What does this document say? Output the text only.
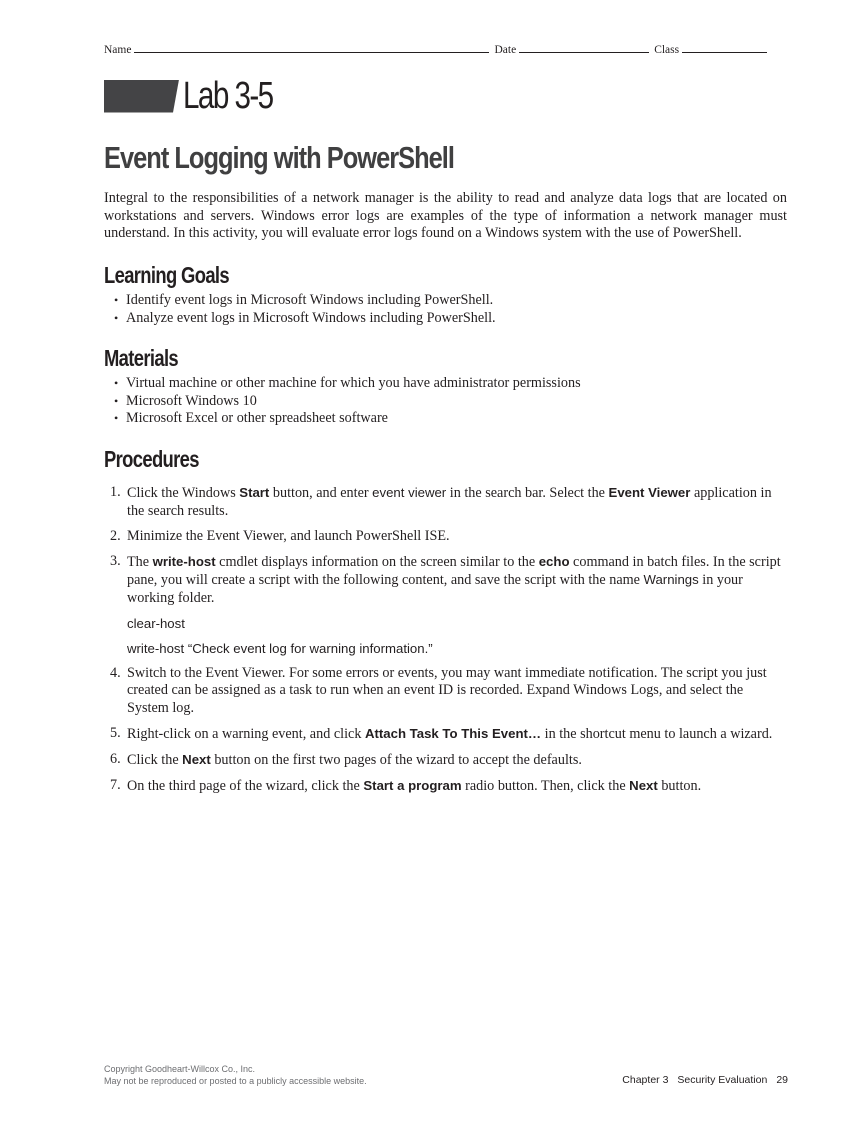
Name	Date	Class
Lab 3-5
Event Logging with PowerShell
Integral to the responsibilities of a network manager is the ability to read and analyze data logs that are located on workstations and servers. Windows error logs are examples of the type of information a network manager must understand. In this activity, you will evaluate error logs found on a Windows system with the use of PowerShell.
Learning Goals
• Identify event logs in Microsoft Windows including PowerShell.
• Analyze event logs in Microsoft Windows including PowerShell.
Materials
• Virtual machine or other machine for which you have administrator permissions
• Microsoft Windows 10
• Microsoft Excel or other spreadsheet software
Procedures
1. Click the Windows Start button, and enter event viewer in the search bar. Select the Event Viewer application in the search results.
2. Minimize the Event Viewer, and launch PowerShell ISE.
3. The write-host cmdlet displays information on the screen similar to the echo command in batch files. In the script pane, you will create a script with the following content, and save the script with the name Warnings in your working folder.
clear-host
write-host “Check event log for warning information.”
4. Switch to the Event Viewer. For some errors or events, you may want immediate notification. The script you just created can be assigned as a task to run when an event ID is recorded. Expand Windows Logs, and select the System log.
5. Right-click on a warning event, and click Attach Task To This Event… in the shortcut menu to launch a wizard.
6. Click the Next button on the first two pages of the wizard to accept the defaults.
7. On the third page of the wizard, click the Start a program radio button. Then, click the Next button.
Copyright Goodheart-Willcox Co., Inc.
May not be reproduced or posted to a publicly accessible website.	Chapter 3 Security Evaluation 29
